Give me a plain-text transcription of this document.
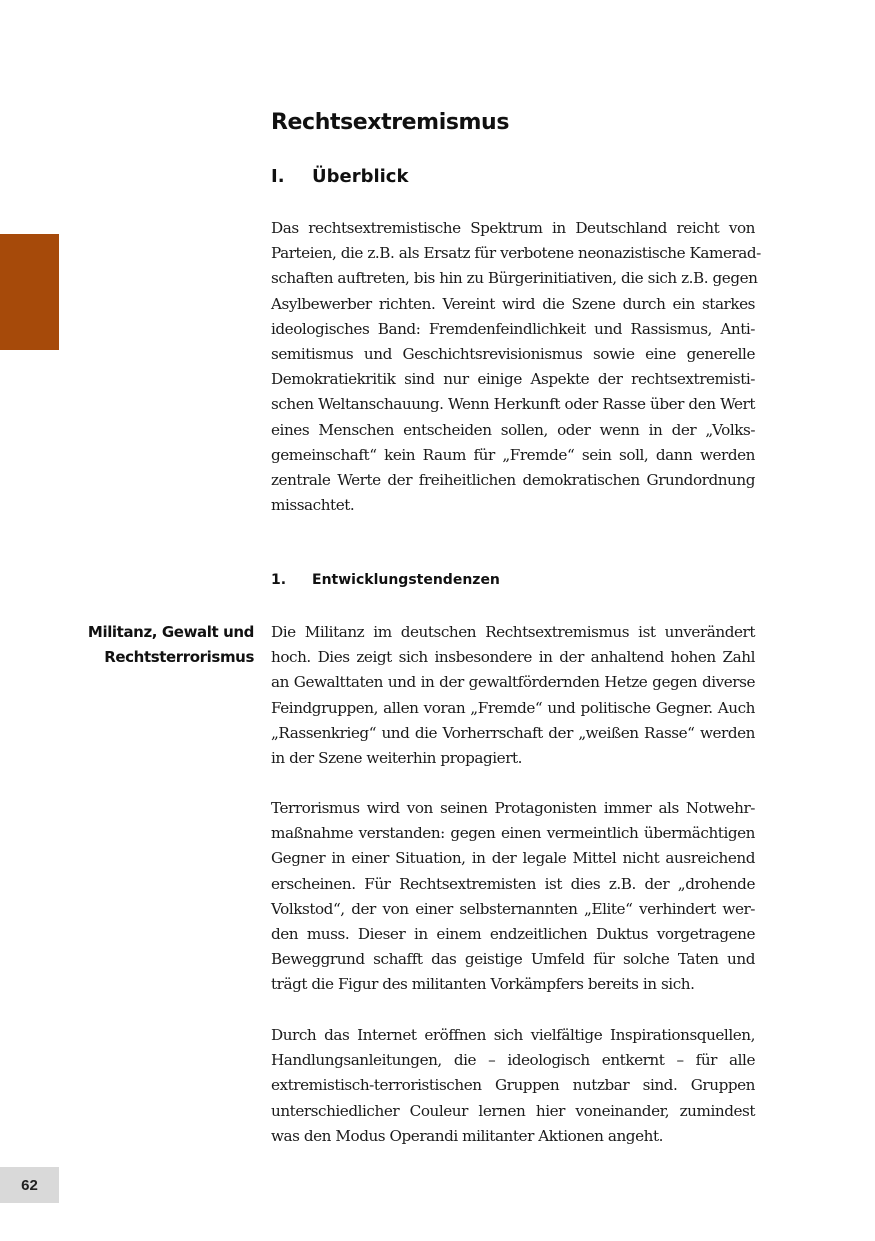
Rechtsextremismus
I. Überblick
Das rechtsextremistische Spektrum in Deutschland reicht von
Parteien, die z.B. als Ersatz für verbotene neonazistische Kamerad-
schaften auftreten, bis hin zu Bürgerinitiativen, die sich z.B. gegen
Asylbewerber richten. Vereint wird die Szene durch ein starkes
ideologisches Band: Fremdenfeindlichkeit und Rassismus, Anti-
semitismus und Geschichtsrevisionismus sowie eine generelle
Demokratiekritik sind nur einige Aspekte der rechtsextremisti-
schen Weltanschauung. Wenn Herkunft oder Rasse über den Wert
eines Menschen entscheiden sollen, oder wenn in der „Volks-
gemeinschaft“ kein Raum für „Fremde“ sein soll, dann werden
zentrale Werte der freiheitlichen demokratischen Grundordnung
missachtet.
1. Entwicklungstendenzen
Militanz, Gewalt und
Rechtsterrorismus
Die Militanz im deutschen Rechtsextremismus ist unverändert
hoch. Dies zeigt sich insbesondere in der anhaltend hohen Zahl
an Gewalttaten und in der gewaltfördernden Hetze gegen diverse
Feindgruppen, allen voran „Fremde“ und politische Gegner. Auch
„Rassenkrieg“ und die Vorherrschaft der „weißen Rasse“ werden
in der Szene weiterhin propagiert.
Terrorismus wird von seinen Protagonisten immer als Notwehr-
maßnahme verstanden: gegen einen vermeintlich übermächtigen
Gegner in einer Situation, in der legale Mittel nicht ausreichend
erscheinen. Für Rechtsextremisten ist dies z.B. der „drohende
Volkstod“, der von einer selbsternannten „Elite“ verhindert wer-
den muss. Dieser in einem endzeitlichen Duktus vorgetragene
Beweggrund schafft das geistige Umfeld für solche Taten und
trägt die Figur des militanten Vorkämpfers bereits in sich.
Durch das Internet eröffnen sich vielfältige Inspirationsquellen,
Handlungsanleitungen, die – ideologisch entkernt – für alle
extremistisch-terroristischen Gruppen nutzbar sind. Gruppen
unterschiedlicher Couleur lernen hier voneinander, zumindest
was den Modus Operandi militanter Aktionen angeht.
62
